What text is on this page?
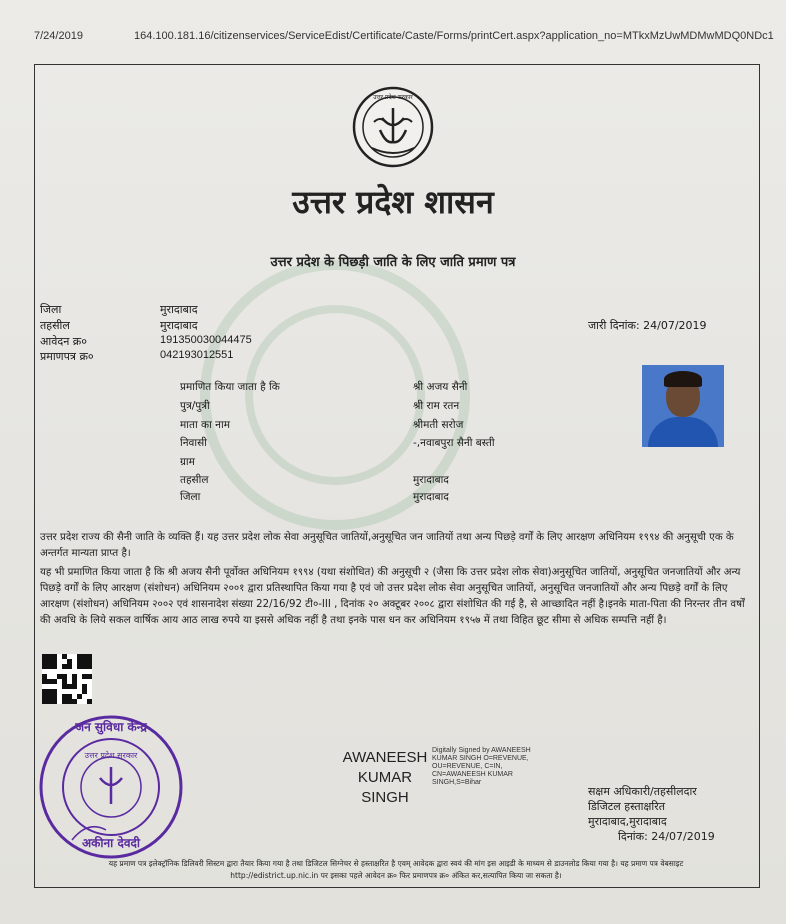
7/24/2019	164.100.181.16/citizenservices/ServiceEdist/Certificate/Caste/Forms/printCert.aspx?application_no=MTkxMzUwMDMwMDQ0NDc1
उत्तर प्रदेश सरकार
उत्तर प्रदेश शासन
उत्तर प्रदेश के पिछड़ी जाति के लिए जाति प्रमाण पत्र
जिला	मुरादाबाद
तहसील	मुरादाबाद
आवेदन क्र०	191350030044475
प्रमाणपत्र क्र०	042193012551
जारी दिनांक: 24/07/2019
प्रमाणित किया जाता है कि	श्री अजय सैनी
पुत्र/पुत्री	श्री राम रतन
माता का नाम	श्रीमती सरोज
निवासी	-,नवाबपुरा सैनी बस्ती
ग्राम
तहसील	मुरादाबाद
जिला	मुरादाबाद
उत्तर प्रदेश राज्य की सैनी जाति के व्यक्ति हैं। यह उत्तर प्रदेश लोक सेवा अनुसूचित जातियों,अनुसूचित जन जातियों तथा अन्य पिछड़े वर्गों के लिए आरक्षण अधिनियम १९९४ की अनुसूची एक के अन्तर्गत मान्यता प्राप्त है।
यह भी प्रमाणित किया जाता है कि श्री अजय सैनी पूर्वोक्त अधिनियम १९९४ (यथा संशोधित) की अनुसूची २ (जैसा कि उत्तर प्रदेश लोक सेवा)अनुसूचित जातियों, अनुसूचित जनजातियों और अन्य पिछड़े वर्गों के लिए आरक्षण (संशोधन) अधिनियम २००१ द्वारा प्रतिस्थापित किया गया है एवं जो उत्तर प्रदेश लोक सेवा अनुसूचित जातियों, अनुसूचित जनजातियों और अन्य पिछड़े वर्गों के लिए आरक्षण (संशोधन) अधिनियम २००२ एवं शासनादेश संख्या 22/16/92 टी०-III , दिनांक २० अक्टूबर २००८ द्वारा संशोधित की गई है, से आच्छादित नहीं है।इनके माता-पिता की निरन्तर तीन वर्षों की अवधि के लिये सकल वार्षिक आय आठ लाख रुपये या इससे अधिक नहीं है तथा इनके पास धन कर अधिनियम १९५७ में तथा विहित छूट सीमा से अधिक सम्पत्ति नहीं है।
जन सुविधा केन्द्र
उत्तर प्रदेश सरकार
अकीना देवदी
AWANEESH
KUMAR
SINGH
Digitally Signed by AWANEESH
KUMAR SINGH O=REVENUE,
OU=REVENUE, C=IN,
CN=AWANEESH KUMAR
SINGH,S=Bihar
सक्षम अधिकारी/तहसीलदार
डिजिटल हस्ताक्षरित
मुरादाबाद,मुरादाबाद
दिनांक: 24/07/2019
यह प्रमाण पत्र इलेक्ट्रॉनिक डिलिवरी सिस्टम द्वारा तैयार किया गया है तथा डिजिटल सिग्नेचर से हस्ताक्षरित है एवम् आवेदक द्वारा स्वयं की मांग इस आइडी के माध्यम से डाउनलोड किया गया है। यह प्रमाण पत्र वेबसाइट
http://edistrict.up.nic.in पर इसका पहले आवेदन क्र० फिर प्रमाणपत्र क्र० अंकित कर,सत्यापित किया जा सकता है।
